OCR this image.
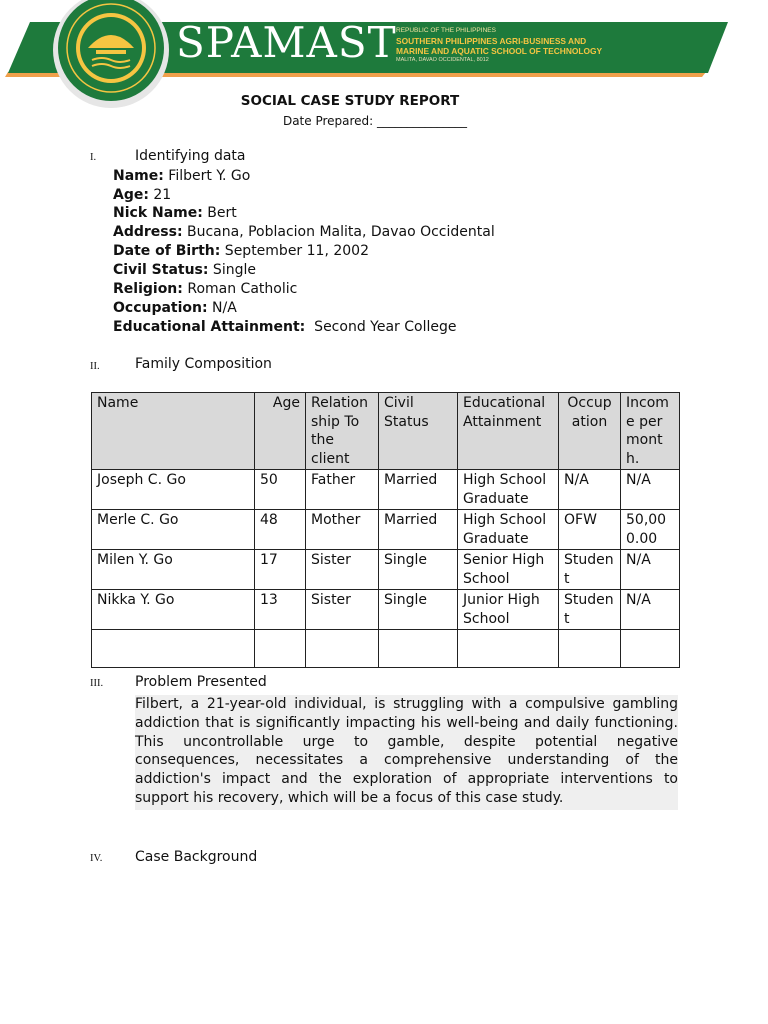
SPAMAST REPUBLIC OF THE PHILIPPINES
SOUTHERN PHILIPPINES AGRI-BUSINESS AND
MARINE AND AQUATIC SCHOOL OF TECHNOLOGY
MALITA, DAVAO OCCIDENTAL, 8012
SOCIAL CASE STUDY REPORT
Date Prepared: _______________
I.	Identifying data
Name: Filbert Y. Go
Age: 21
Nick Name: Bert
Address: Bucana, Poblacion Malita, Davao Occidental
Date of Birth: September 11, 2002
Civil Status: Single
Religion: Roman Catholic
Occupation: N/A
Educational Attainment:  Second Year College
II.	Family Composition
Name	Age	Relation ship To the client	Civil Status	Educational Attainment	Occup ation	Incom e per mont h.
Joseph C. Go	50	Father	Married	High School Graduate	N/A	N/A
Merle C. Go	48	Mother	Married	High School Graduate	OFW	50,00 0.00
Milen Y. Go	17	Sister	Single	Senior High School	Studen t	N/A
Nikka Y. Go	13	Sister	Single	Junior High School	Studen t	N/A

III. Problem Presented
Filbert, a 21-year-old individual, is struggling with a compulsive gambling addiction that is significantly impacting his well-being and daily functioning. This uncontrollable urge to gamble, despite potential negative consequences, necessitates a comprehensive understanding of the addiction's impact and the exploration of appropriate interventions to support his recovery, which will be a focus of this case study.
IV. Case Background
